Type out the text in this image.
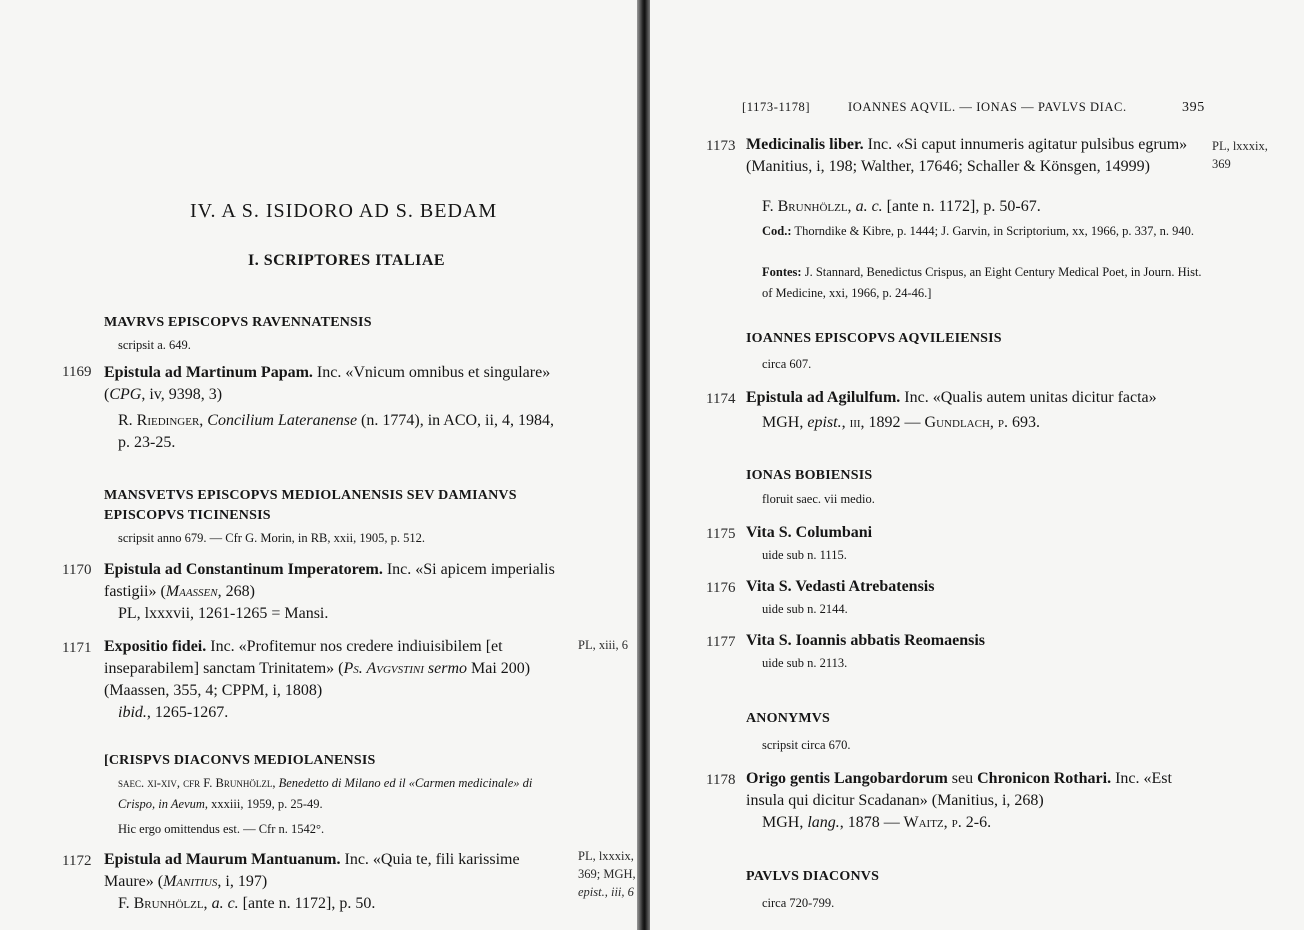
IV. A S. ISIDORO AD S. BEDAM
I. SCRIPTORES ITALIAE
MAVRVS EPISCOPVS RAVENNATENSIS
scripsit a. 649.
1169 Epistula ad Martinum Papam. Inc. «Vnicum omnibus et singulare» (CPG, iv, 9398, 3)
R. Riedinger, Concilium Lateranense (n. 1774), in ACO, ii, 4, 1984, p. 23-25.
MANSVETVS EPISCOPVS MEDIOLANENSIS SEV DAMIANVS EPISCOPVS TICINENSIS
scripsit anno 679. — Cfr G. Morin, in RB, xxii, 1905, p. 512.
1170 Epistula ad Constantinum Imperatorem. Inc. «Si apicem imperialis fastigii» (Maassen, 268)
PL, lxxxvii, 1261-1265 = Mansi.
1171 Expositio fidei. Inc. «Profitemur nos credere indiuisibilem [et inseparabilem] sanctam Trinitatem» (Ps. Avgvstini sermo Mai 200) (Maassen, 355, 4; CPPM, i, 1808)
PL, xiii, 6
ibid., 1265-1267.
[CRISPVS DIACONVS MEDIOLANENSIS
saec. xi-xiv, cfr F. Brunhölzl, Benedetto di Milano ed il «Carmen medicinale» di Crispo, in Aevum, xxxiii, 1959, p. 25-49.
Hic ergo omittendus est. — Cfr n. 1542°.
1172 Epistula ad Maurum Mantuanum. Inc. «Quia te, fili karissime Maure» (Manitius, i, 197)
PL, lxxxix,
369; MGH,
epist., iii, 6
F. Brunhölzl, a. c. [ante n. 1172], p. 50.
[1173-1178]	IOANNES AQVIL. — IONAS — PAVLVS DIAC.	395
1173 Medicinalis liber. Inc. «Si caput innumeris agitatur pulsibus egrum» (Manitius, i, 198; Walther, 17646; Schaller & Könsgen, 14999)
PL, lxxxix,
369
F. Brunhölzl, a. c. [ante n. 1172], p. 50-67.
Cod.: Thorndike & Kibre, p. 1444; J. Garvin, in Scriptorium, xx, 1966, p. 337, n. 940.
Fontes: J. Stannard, Benedictus Crispus, an Eight Century Medical Poet, in Journ. Hist. of Medicine, xxi, 1966, p. 24-46.]
IOANNES EPISCOPVS AQVILEIENSIS
circa 607.
1174 Epistula ad Agilulfum. Inc. «Qualis autem unitas dicitur facta»
MGH, epist., iii, 1892 — Gundlach, p. 693.
IONAS BOBIENSIS
floruit saec. vii medio.
1175 Vita S. Columbani
uide sub n. 1115.
1176 Vita S. Vedasti Atrebatensis
uide sub n. 2144.
1177 Vita S. Ioannis abbatis Reomaensis
uide sub n. 2113.
ANONYMVS
scripsit circa 670.
1178 Origo gentis Langobardorum seu Chronicon Rothari. Inc. «Est insula qui dicitur Scadanan» (Manitius, i, 268)
MGH, lang., 1878 — Waitz, p. 2-6.
PAVLVS DIACONVS
circa 720-799.
